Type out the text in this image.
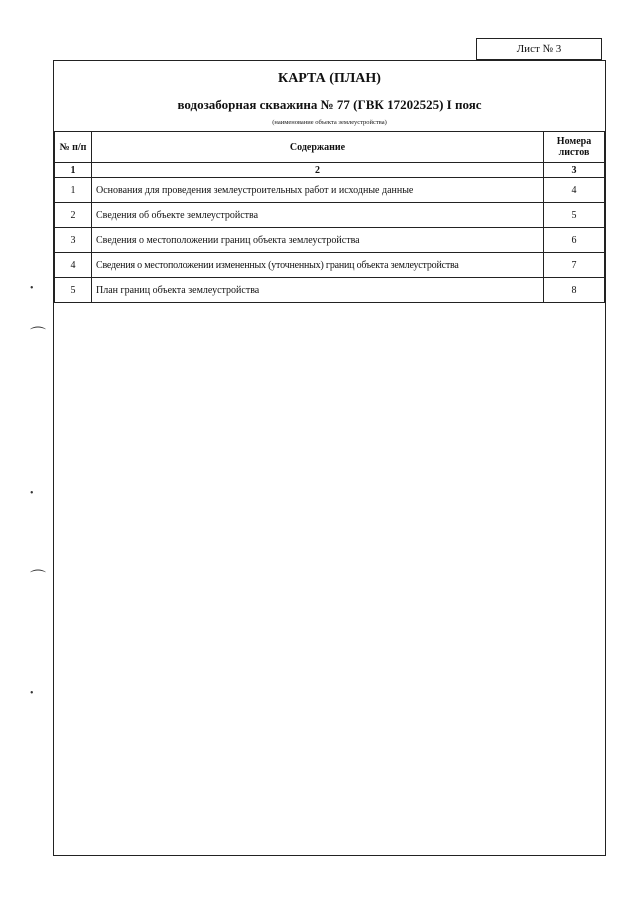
Лист № 3
КАРТА (ПЛАН)
водозаборная скважина № 77 (ГВК 17202525) I пояс
(наименование объекта землеустройства)
№ п/п	Содержание	Номера листов
1	2	3
1	Основания для проведения землеустроительных работ и исходные данные	4
2	Сведения об объекте землеустройства	5
3	Сведения о местоположении границ объекта землеустройства	6
4	Сведения о местоположении измененных (уточненных) границ объекта землеустройства	7
5	План границ объекта землеустройства	8
•
⌒
•
⌒
•
